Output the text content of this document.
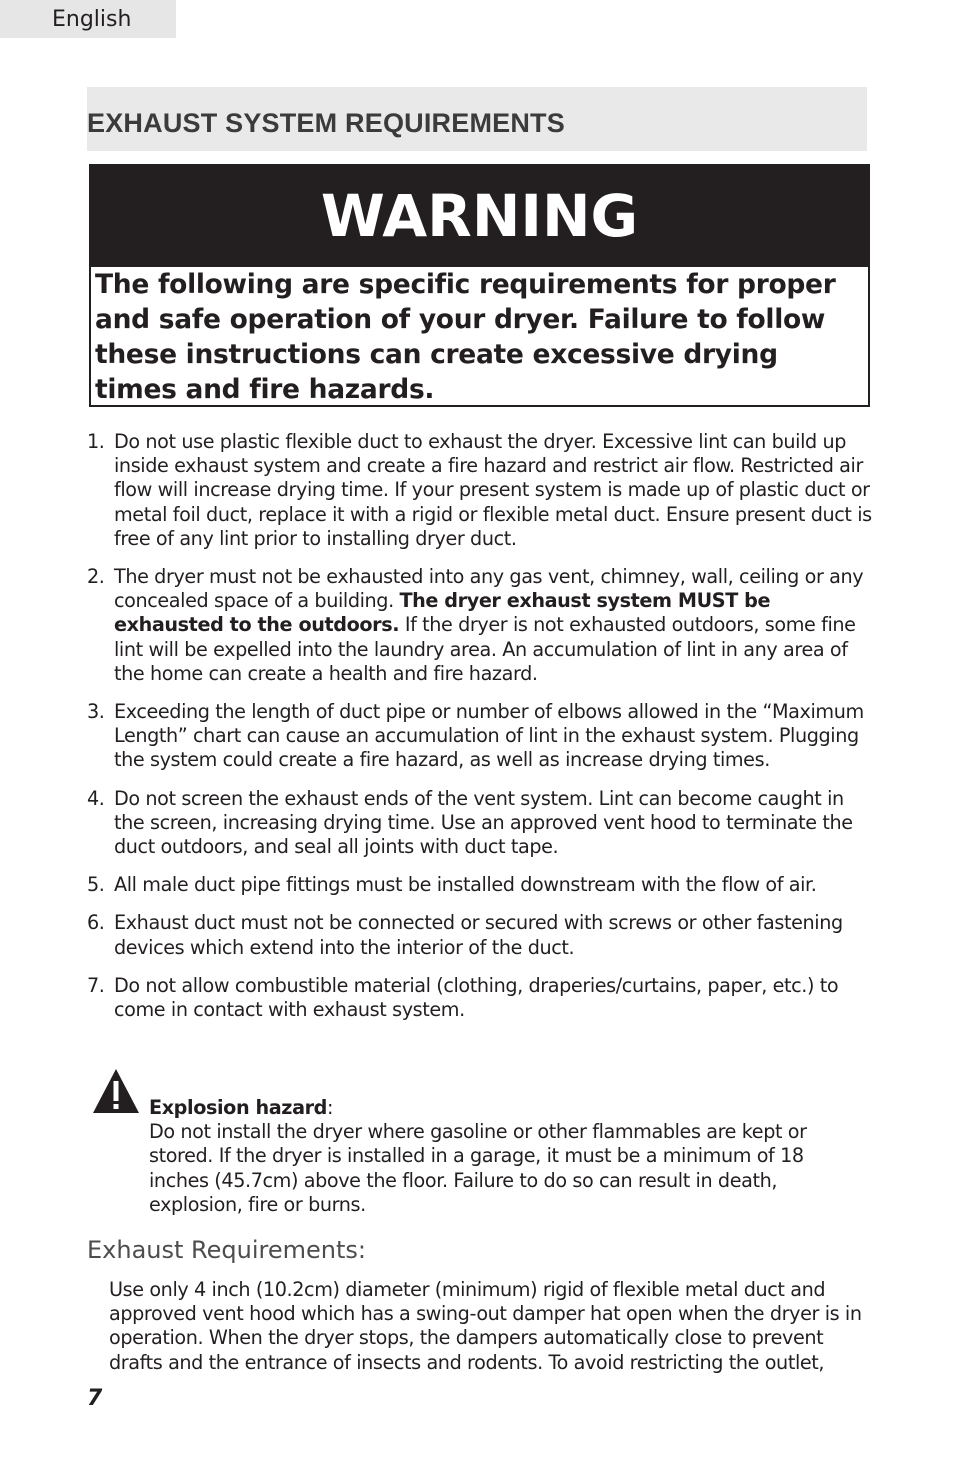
English
EXHAUST SYSTEM REQUIREMENTS
WARNING

The following are specific requirements for proper and safe operation of your dryer. Failure to follow these instructions can create excessive drying times and fire hazards.

1. Do not use plastic flexible duct to exhaust the dryer. Excessive lint can build up inside exhaust system and create a fire hazard and restrict air flow. Restricted air flow will increase drying time. If your present system is made up of plastic duct or metal foil duct, replace it with a rigid or flexible metal duct. Ensure present duct is free of any lint prior to installing dryer duct.
2. The dryer must not be exhausted into any gas vent, chimney, wall, ceiling or any concealed space of a building. The dryer exhaust system MUST be exhausted to the outdoors. If the dryer is not exhausted outdoors, some fine lint will be expelled into the laundry area. An accumulation of lint in any area of the home can create a health and fire hazard.
3. Exceeding the length of duct pipe or number of elbows allowed in the “Maximum Length” chart can cause an accumulation of lint in the exhaust system. Plugging the system could create a fire hazard, as well as increase drying times.
4. Do not screen the exhaust ends of the vent system. Lint can become caught in the screen, increasing drying time. Use an approved vent hood to terminate the duct outdoors, and seal all joints with duct tape.
5. All male duct pipe fittings must be installed downstream with the flow of air.
6. Exhaust duct must not be connected or secured with screws or other fastening devices which extend into the interior of the duct.
7. Do not allow combustible material (clothing, draperies/curtains, paper, etc.) to come in contact with exhaust system.
Explosion hazard:
Do not install the dryer where gasoline or other flammables are kept or stored. If the dryer is installed in a garage, it must be a minimum of 18 inches (45.7cm) above the floor. Failure to do so can result in death, explosion, fire or burns.
Exhaust Requirements:

Use only 4 inch (10.2cm) diameter (minimum) rigid of flexible metal duct and approved vent hood which has a swing-out damper hat open when the dryer is in operation. When the dryer stops, the dampers automatically close to prevent drafts and the entrance of insects and rodents. To avoid restricting the outlet,

7
